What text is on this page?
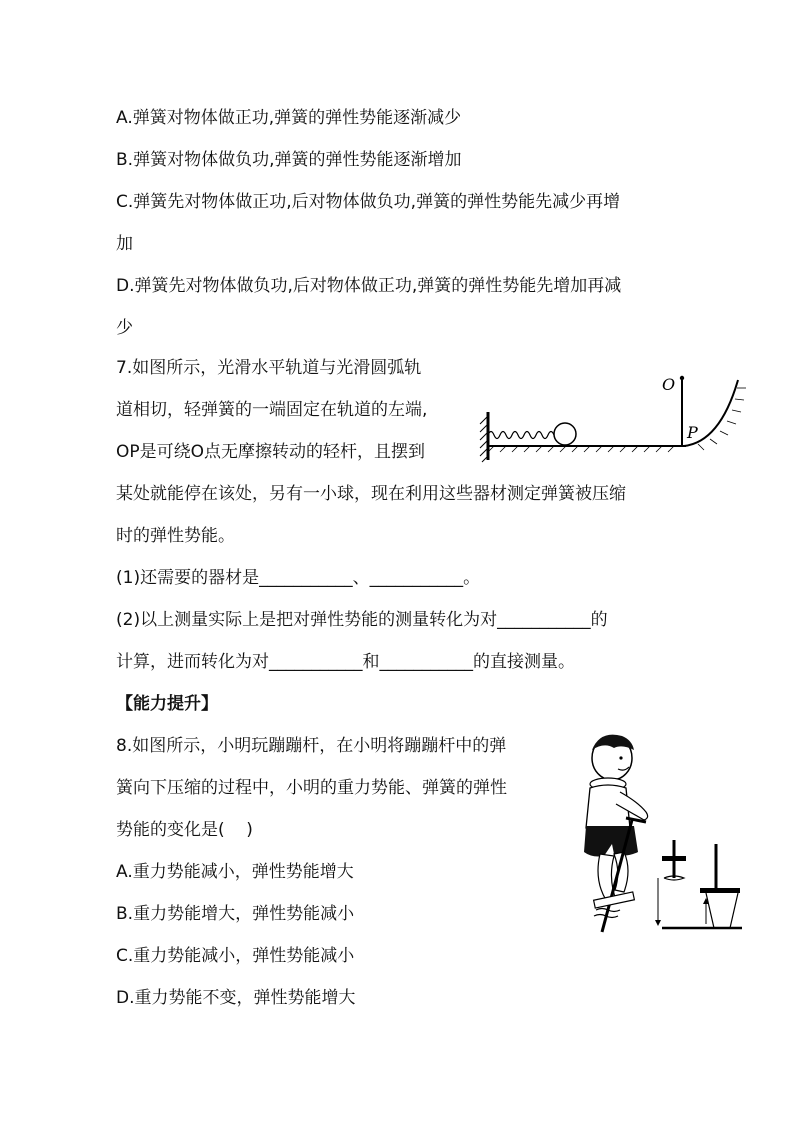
A.弹簧对物体做正功,弹簧的弹性势能逐渐减少
B.弹簧对物体做负功,弹簧的弹性势能逐渐增加
C.弹簧先对物体做正功,后对物体做负功,弹簧的弹性势能先减少再增
加
D.弹簧先对物体做负功,后对物体做正功,弹簧的弹性势能先增加再减
少
7.如图所示，光滑水平轨道与光滑圆弧轨
道相切，轻弹簧的一端固定在轨道的左端,
OP是可绕O点无摩擦转动的轻杆，且摆到
某处就能停在该处，另有一小球，现在利用这些器材测定弹簧被压缩
时的弹性势能。
(1)还需要的器材是___________、___________。
(2)以上测量实际上是把对弹性势能的测量转化为对___________的
计算，进而转化为对___________和___________的直接测量。
O
P
【能力提升】
8.如图所示，小明玩蹦蹦杆，在小明将蹦蹦杆中的弹
簧向下压缩的过程中，小明的重力势能、弹簧的弹性
势能的变化是(    )
A.重力势能减小，弹性势能增大
B.重力势能增大，弹性势能减小
C.重力势能减小，弹性势能减小
D.重力势能不变，弹性势能增大
